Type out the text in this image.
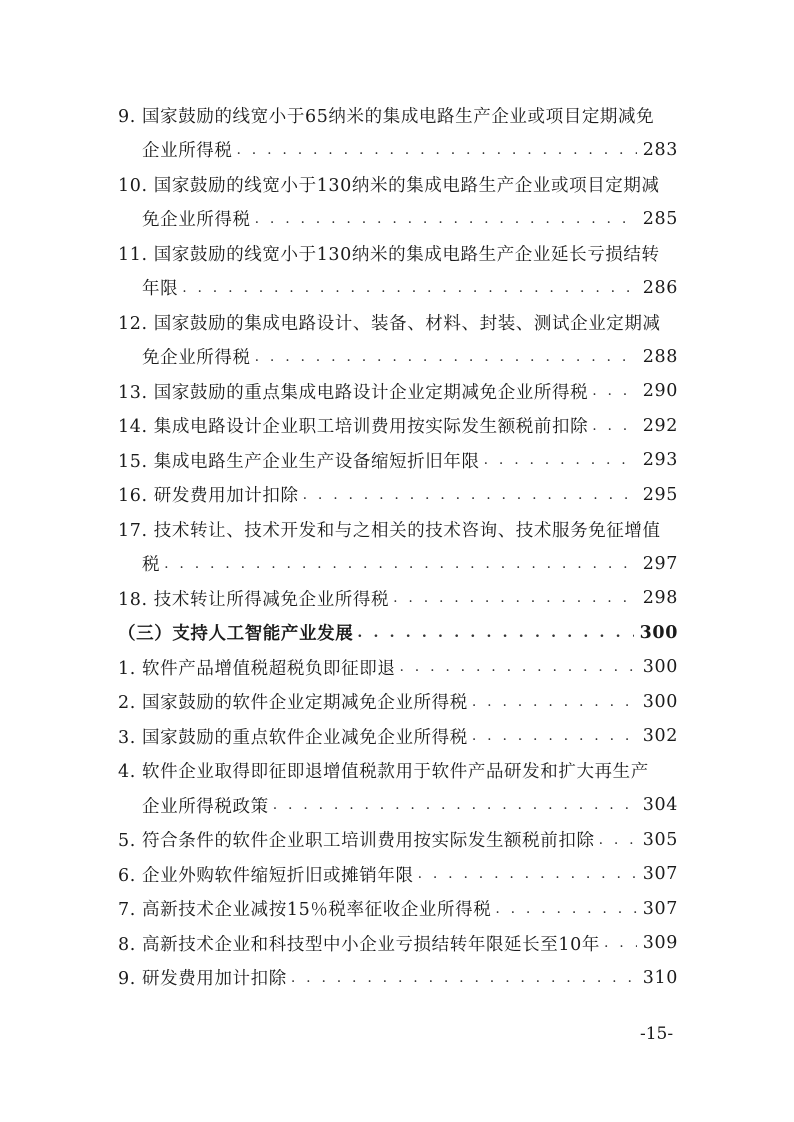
9. 国家鼓励的线宽小于65纳米的集成电路生产企业或项目定期减免
企业所得税 . . .	283
10. 国家鼓励的线宽小于130纳米的集成电路生产企业或项目定期减
免企业所得税 . . .	285
11. 国家鼓励的线宽小于130纳米的集成电路生产企业延长亏损结转
年限 . . .	286
12. 国家鼓励的集成电路设计、装备、材料、封装、测试企业定期减
免企业所得税 . . .	288
13. 国家鼓励的重点集成电路设计企业定期减免企业所得税 . . .	290
14. 集成电路设计企业职工培训费用按实际发生额税前扣除 . . .	292
15. 集成电路生产企业生产设备缩短折旧年限 . . .	293
16. 研发费用加计扣除 . . .	295
17. 技术转让、技术开发和与之相关的技术咨询、技术服务免征增值
税 . . .	297
18. 技术转让所得减免企业所得税 . . .	298
（三）支持人工智能产业发展 . . .	300
1. 软件产品增值税超税负即征即退 . . .	300
2. 国家鼓励的软件企业定期减免企业所得税 . . .	300
3. 国家鼓励的重点软件企业减免企业所得税 . . .	302
4. 软件企业取得即征即退增值税款用于软件产品研发和扩大再生产
企业所得税政策 . . .	304
5. 符合条件的软件企业职工培训费用按实际发生额税前扣除 . . .	305
6. 企业外购软件缩短折旧或摊销年限 . . .	307
7. 高新技术企业减按15％税率征收企业所得税 . . .	307
8. 高新技术企业和科技型中小企业亏损结转年限延长至10年 . . .	309
9. 研发费用加计扣除 . . .	310
-15-
